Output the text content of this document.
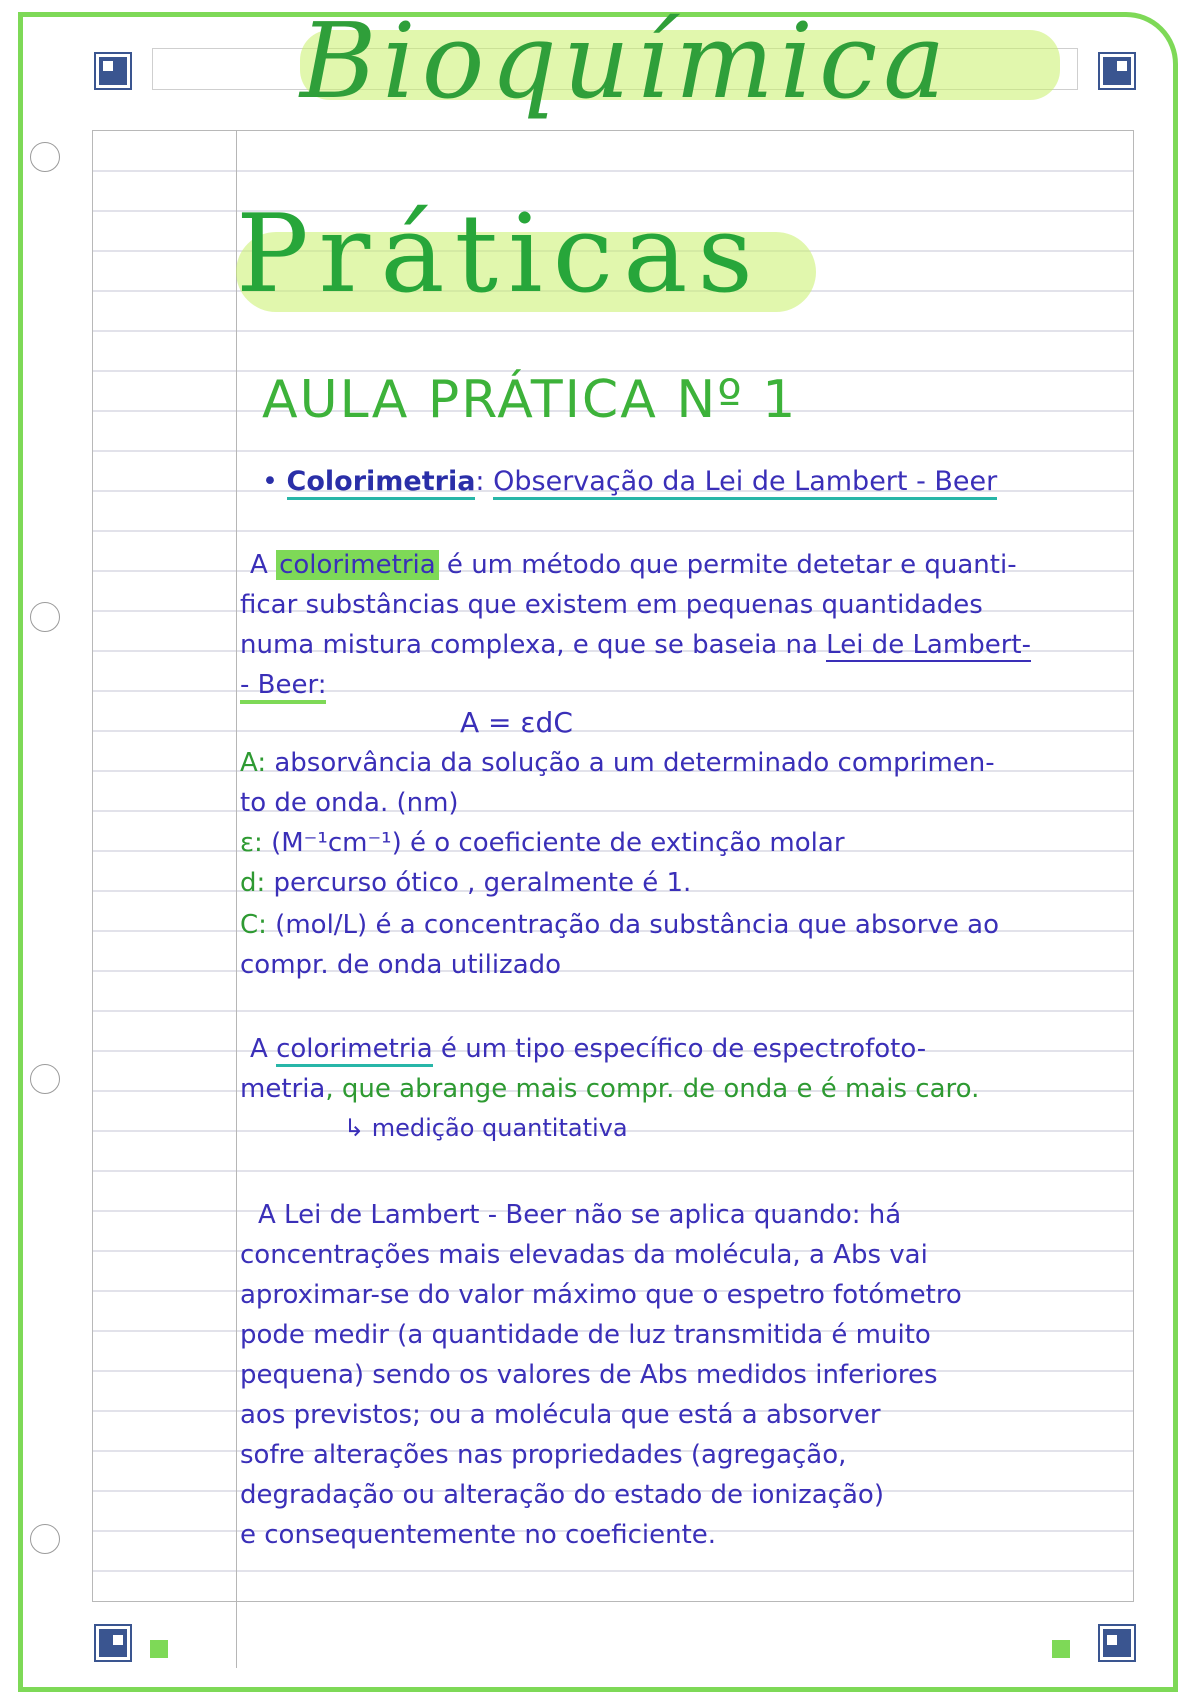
Bioquímica
Práticas
AULA PRÁTICA Nº 1
• Colorimetria: Observação da Lei de Lambert - Beer
A colorimetria é um método que permite detetar e quanti-
ficar substâncias que existem em pequenas quantidades
numa mistura complexa, e que se baseia na Lei de Lambert-
- Beer:
A = εdC
A: absorvância da solução a um determinado comprimen-
to de onda. (nm)
ε: (M⁻¹cm⁻¹) é o coeficiente de extinção molar
d: percurso ótico , geralmente é 1.
C: (mol/L) é a concentração da substância que absorve ao
compr. de onda utilizado
A colorimetria é um tipo específico de espectrofoto-
metria, que abrange mais compr. de onda e é mais caro.
↳ medição quantitativa
A Lei de Lambert - Beer não se aplica quando: há
concentrações mais elevadas da molécula, a Abs vai
aproximar-se do valor máximo que o espetro fotómetro
pode medir (a quantidade de luz transmitida é muito
pequena) sendo os valores de Abs medidos inferiores
aos previstos; ou a molécula que está a absorver
sofre alterações nas propriedades (agregação,
degradação ou alteração do estado de ionização)
e consequentemente no coeficiente.
